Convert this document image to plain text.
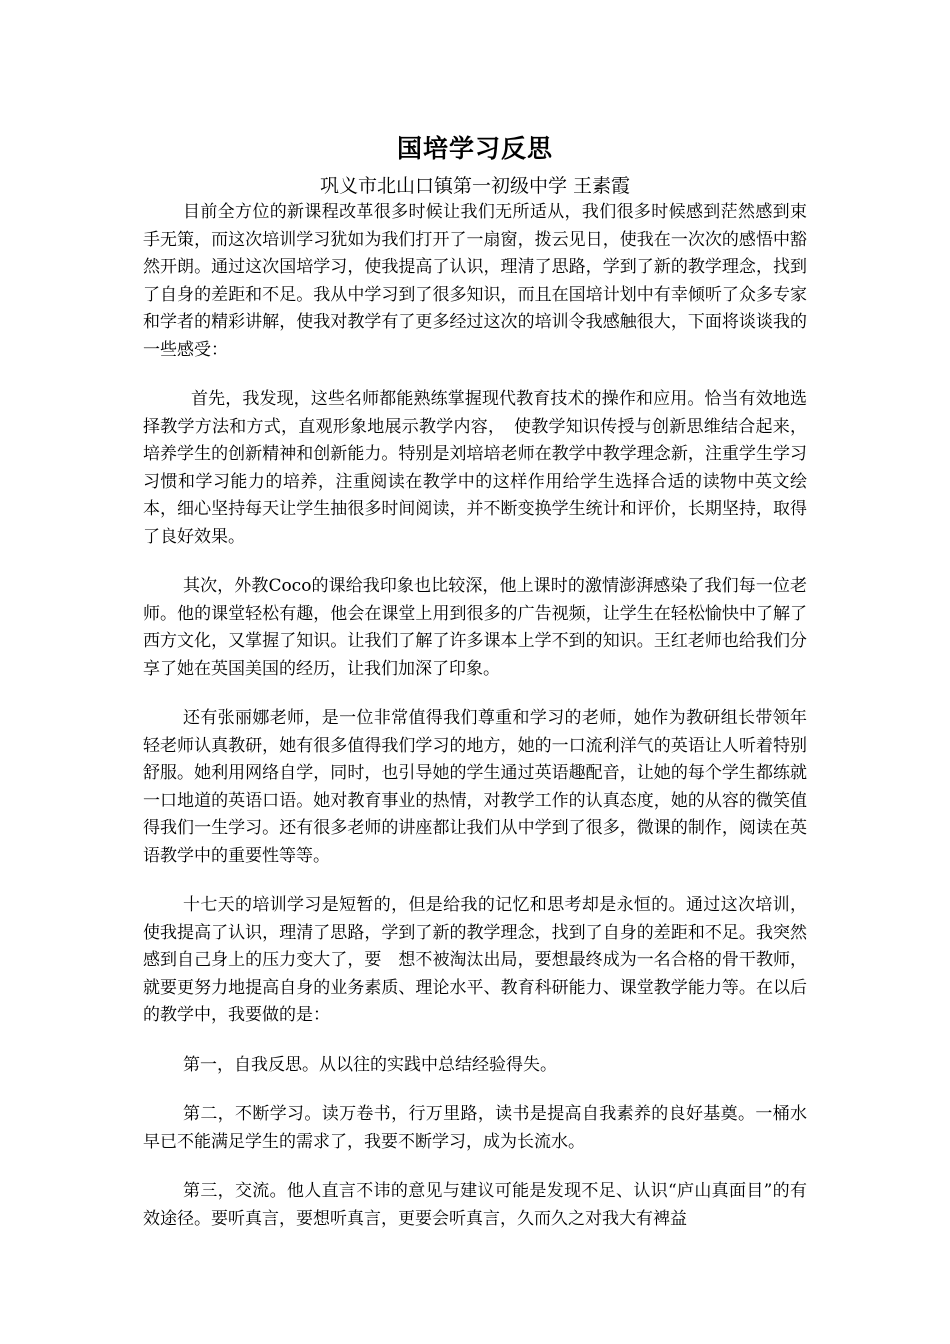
国培学习反思
巩义市北山口镇第一初级中学 王素霞

目前全方位的新课程改革很多时候让我们无所适从，我们很多时候感到茫然感到束手无策，而这次培训学习犹如为我们打开了一扇窗，拨云见日，使我在一次次的感悟中豁然开朗。通过这次国培学习，使我提高了认识，理清了思路，学到了新的教学理念，找到了自身的差距和不足。我从中学习到了很多知识，而且在国培计划中有幸倾听了众多专家和学者的精彩讲解，使我对教学有了更多经过这次的培训令我感触很大，下面将谈谈我的一些感受：

首先，我发现，这些名师都能熟练掌握现代教育技术的操作和应用。恰当有效地选择教学方法和方式，直观形象地展示教学内容，　使教学知识传授与创新思维结合起来，培养学生的创新精神和创新能力。特别是刘培培老师在教学中教学理念新，注重学生学习习惯和学习能力的培养，注重阅读在教学中的这样作用给学生选择合适的读物中英文绘本，细心坚持每天让学生抽很多时间阅读，并不断变换学生统计和评价，长期坚持，取得了良好效果。

其次，外教Coco的课给我印象也比较深，他上课时的激情澎湃感染了我们每一位老师。他的课堂轻松有趣，他会在课堂上用到很多的广告视频，让学生在轻松愉快中了解了西方文化，又掌握了知识。让我们了解了许多课本上学不到的知识。王红老师也给我们分享了她在英国美国的经历，让我们加深了印象。

还有张丽娜老师，是一位非常值得我们尊重和学习的老师，她作为教研组长带领年轻老师认真教研，她有很多值得我们学习的地方，她的一口流利洋气的英语让人听着特别舒服。她利用网络自学，同时，也引导她的学生通过英语趣配音，让她的每个学生都练就一口地道的英语口语。她对教育事业的热情，对教学工作的认真态度，她的从容的微笑值得我们一生学习。还有很多老师的讲座都让我们从中学到了很多，微课的制作，阅读在英语教学中的重要性等等。

十七天的培训学习是短暂的，但是给我的记忆和思考却是永恒的。通过这次培训，使我提高了认识，理清了思路，学到了新的教学理念，找到了自身的差距和不足。我突然感到自己身上的压力变大了，要　想不被淘汰出局，要想最终成为一名合格的骨干教师，就要更努力地提高自身的业务素质、理论水平、教育科研能力、课堂教学能力等。在以后的教学中，我要做的是：

第一，自我反思。从以往的实践中总结经验得失。

第二，不断学习。读万卷书，行万里路，读书是提高自我素养的良好基奠。一桶水早已不能满足学生的需求了，我要不断学习，成为长流水。

第三，交流。他人直言不讳的意见与建议可能是发现不足、认识“庐山真面目”的有效途径。要听真言，要想听真言，更要会听真言，久而久之对我大有裨益
